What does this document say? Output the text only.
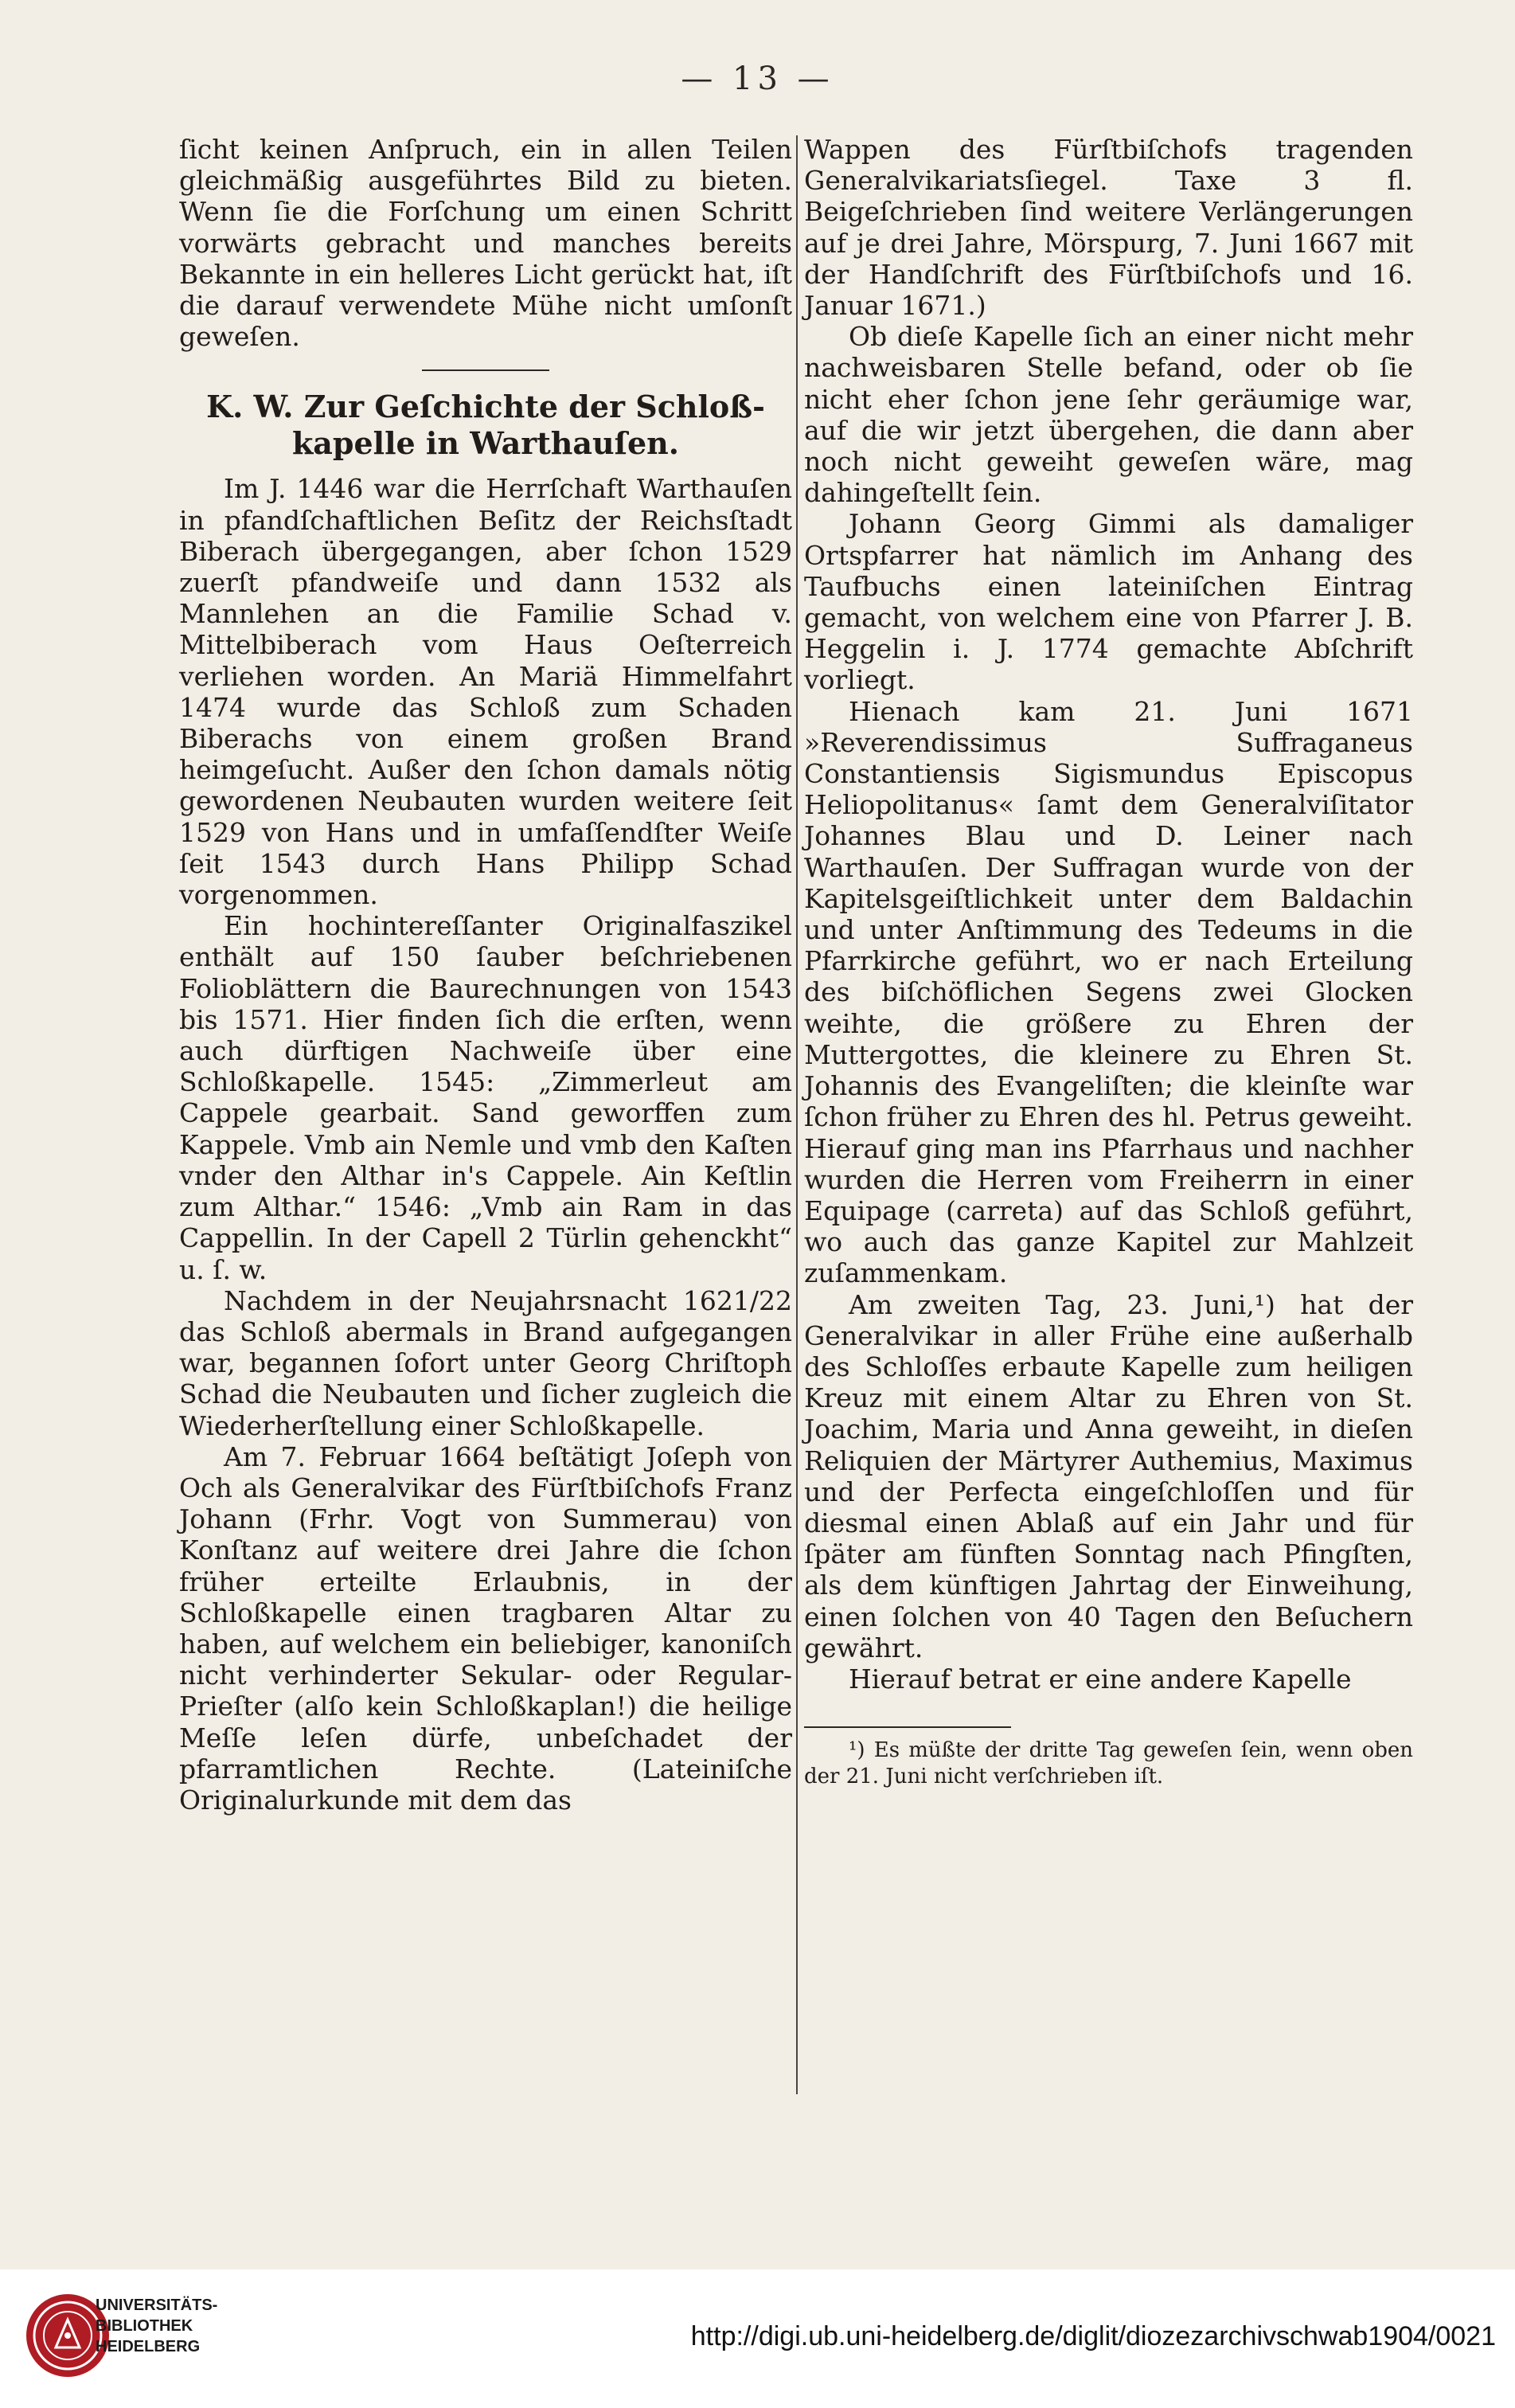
— 13 —

ſicht keinen Anſpruch, ein in allen Teilen gleichmäßig ausgeführtes Bild zu bieten. Wenn ſie die Forſchung um einen Schritt vorwärts gebracht und manches bereits Bekannte in ein helleres Licht gerückt hat, iſt die darauf verwendete Mühe nicht umſonſt geweſen.

K. W. Zur Geſchichte der Schloß-
kapelle in Warthauſen.

Im J. 1446 war die Herrſchaft Warthauſen in pfandſchaftlichen Beſitz der Reichsſtadt Biberach übergegangen, aber ſchon 1529 zuerſt pfandweiſe und dann 1532 als Mannlehen an die Familie Schad v. Mittelbiberach vom Haus Oeſterreich verliehen worden. An Mariä Himmelfahrt 1474 wurde das Schloß zum Schaden Biberachs von einem großen Brand heimgeſucht. Außer den ſchon damals nötig gewordenen Neubauten wurden weitere ſeit 1529 von Hans und in umfaſſendſter Weiſe ſeit 1543 durch Hans Philipp Schad vorgenommen.

Ein hochintereſſanter Originalfaszikel enthält auf 150 ſauber beſchriebenen Folioblättern die Baurechnungen von 1543 bis 1571. Hier finden ſich die erſten, wenn auch dürftigen Nachweiſe über eine Schloßkapelle. 1545: „Zimmerleut am Cappele gearbait. Sand geworffen zum Kappele. Vmb ain Nemle und vmb den Kaſten vnder den Althar in's Cappele. Ain Keſtlin zum Althar.“ 1546: „Vmb ain Ram in das Cappellin. In der Capell 2 Türlin gehenckht“ u. ſ. w.

Nachdem in der Neujahrsnacht 1621/22 das Schloß abermals in Brand aufgegangen war, begannen ſofort unter Georg Chriſtoph Schad die Neubauten und ſicher zugleich die Wiederherſtellung einer Schloßkapelle.

Am 7. Februar 1664 beſtätigt Joſeph von Och als Generalvikar des Fürſtbiſchofs Franz Johann (Frhr. Vogt von Summerau) von Konſtanz auf weitere drei Jahre die ſchon früher erteilte Erlaubnis, in der Schloßkapelle einen tragbaren Altar zu haben, auf welchem ein beliebiger, kanoniſch nicht verhinderter Sekular- oder Regular-Prieſter (alſo kein Schloßkaplan!) die heilige Meſſe leſen dürfe, unbeſchadet der pfarramtlichen Rechte. (Lateiniſche Originalurkunde mit dem das

Wappen des Fürſtbiſchofs tragenden Generalvikariatsſiegel. Taxe 3 fl. Beigeſchrieben ſind weitere Verlängerungen auf je drei Jahre, Mörspurg, 7. Juni 1667 mit der Handſchrift des Fürſtbiſchofs und 16. Januar 1671.)

Ob dieſe Kapelle ſich an einer nicht mehr nachweisbaren Stelle befand, oder ob ſie nicht eher ſchon jene ſehr geräumige war, auf die wir jetzt übergehen, die dann aber noch nicht geweiht geweſen wäre, mag dahingeſtellt ſein.

Johann Georg Gimmi als damaliger Ortspfarrer hat nämlich im Anhang des Taufbuchs einen lateiniſchen Eintrag gemacht, von welchem eine von Pfarrer J. B. Heggelin i. J. 1774 gemachte Abſchrift vorliegt.

Hienach kam 21. Juni 1671 »Reverendissimus Suffraganeus Constantiensis Sigismundus Episcopus Heliopolitanus« ſamt dem Generalviſitator Johannes Blau und D. Leiner nach Warthauſen. Der Suffragan wurde von der Kapitelsgeiſtlichkeit unter dem Baldachin und unter Anſtimmung des Tedeums in die Pfarrkirche geführt, wo er nach Erteilung des biſchöflichen Segens zwei Glocken weihte, die größere zu Ehren der Muttergottes, die kleinere zu Ehren St. Johannis des Evangeliſten; die kleinſte war ſchon früher zu Ehren des hl. Petrus geweiht. Hierauf ging man ins Pfarrhaus und nachher wurden die Herren vom Freiherrn in einer Equipage (carreta) auf das Schloß geführt, wo auch das ganze Kapitel zur Mahlzeit zuſammenkam.

Am zweiten Tag, 23. Juni,¹) hat der Generalvikar in aller Frühe eine außerhalb des Schloſſes erbaute Kapelle zum heiligen Kreuz mit einem Altar zu Ehren von St. Joachim, Maria und Anna geweiht, in dieſen Reliquien der Märtyrer Authemius, Maximus und der Perfecta eingeſchloſſen und für diesmal einen Ablaß auf ein Jahr und für ſpäter am fünften Sonntag nach Pfingſten, als dem künftigen Jahrtag der Einweihung, einen ſolchen von 40 Tagen den Beſuchern gewährt.

Hierauf betrat er eine andere Kapelle

¹) Es müßte der dritte Tag geweſen ſein, wenn oben der 21. Juni nicht verſchrieben iſt.

UNIVERSITÄTS-
BIBLIOTHEK
HEIDELBERG	http://digi.ub.uni-heidelberg.de/diglit/diozezarchivschwab1904/0021
